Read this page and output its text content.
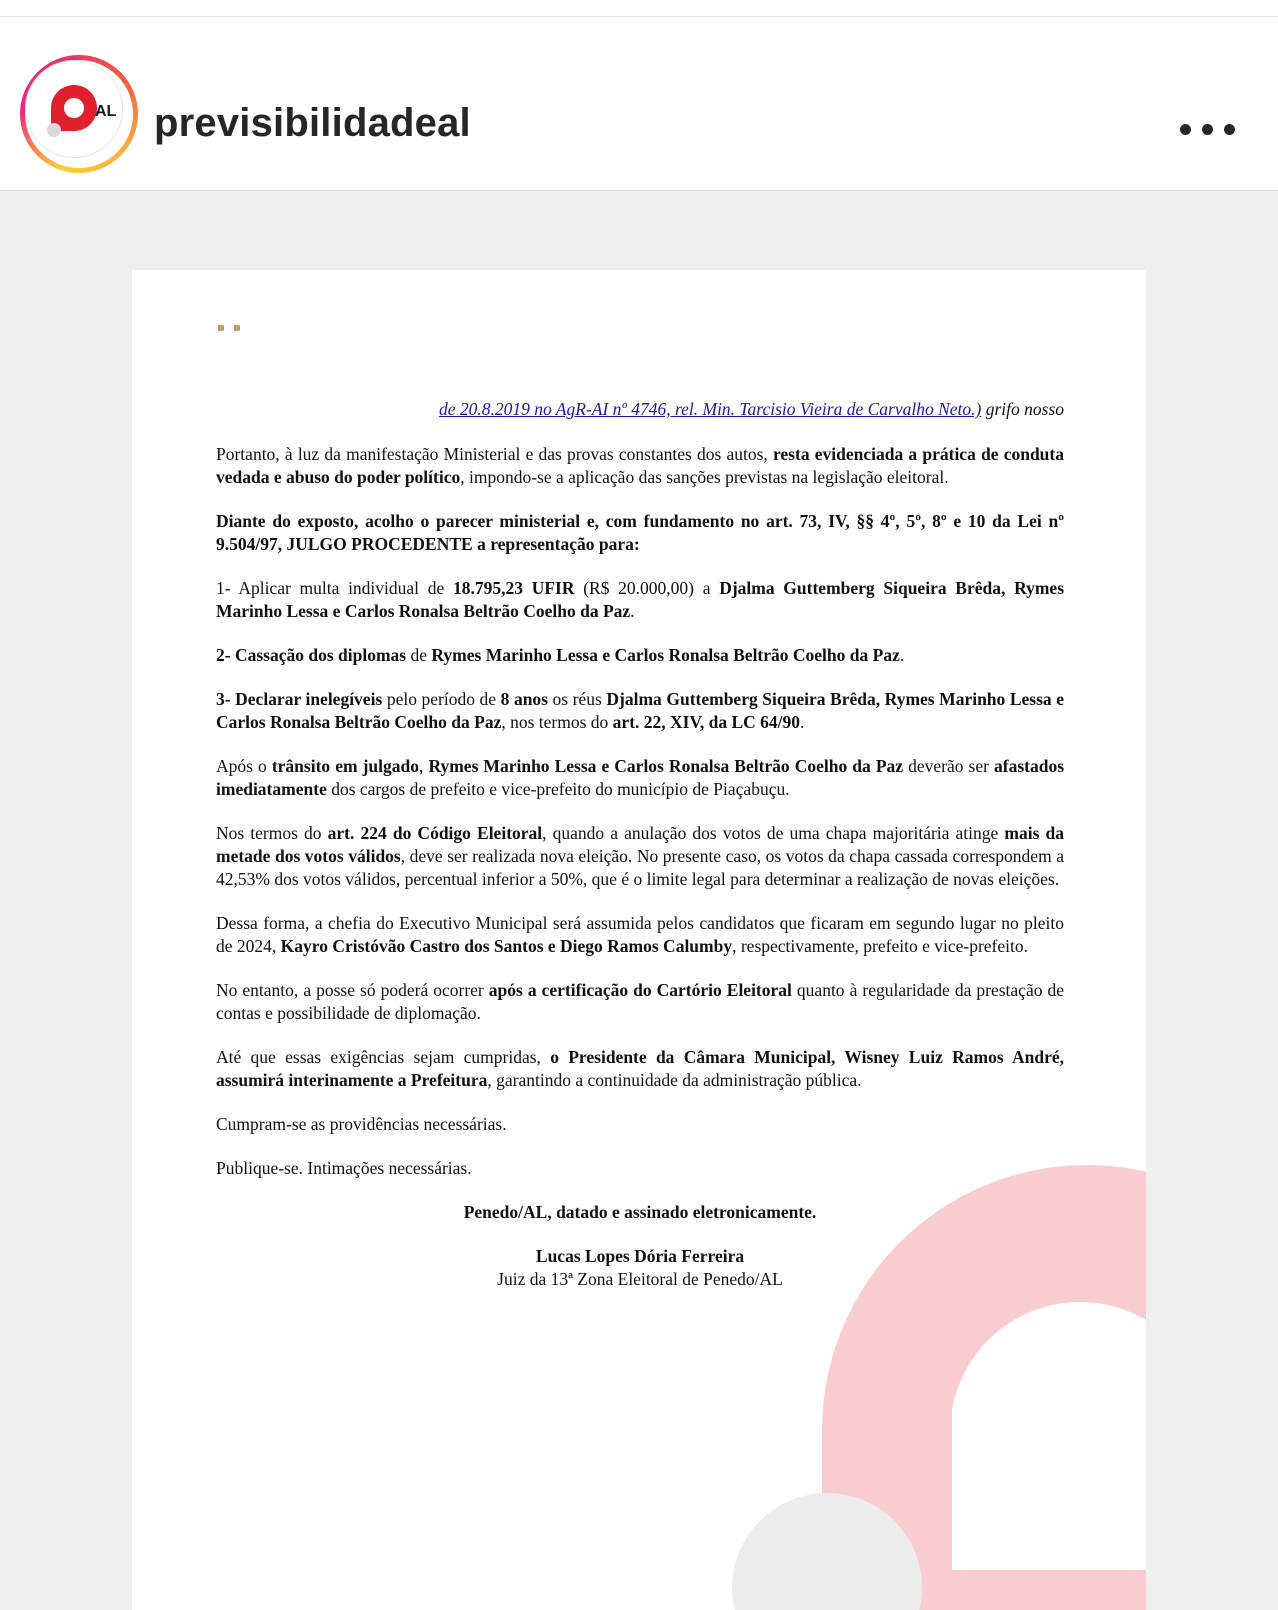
AL previsibilidadeal
▪ ▪

de 20.8.2019 no AgR-AI nº 4746, rel. Min. Tarcisio Vieira de Carvalho Neto.) grifo nosso

Portanto, à luz da manifestação Ministerial e das provas constantes dos autos, resta evidenciada a prática de conduta vedada e abuso do poder político, impondo-se a aplicação das sanções previstas na legislação eleitoral.

Diante do exposto, acolho o parecer ministerial e, com fundamento no art. 73, IV, §§ 4º, 5º, 8º e 10 da Lei nº 9.504/97, JULGO PROCEDENTE a representação para:

1- Aplicar multa individual de 18.795,23 UFIR (R$ 20.000,00) a Djalma Guttemberg Siqueira Brêda, Rymes Marinho Lessa e Carlos Ronalsa Beltrão Coelho da Paz.

2- Cassação dos diplomas de Rymes Marinho Lessa e Carlos Ronalsa Beltrão Coelho da Paz.

3- Declarar inelegíveis pelo período de 8 anos os réus Djalma Guttemberg Siqueira Brêda, Rymes Marinho Lessa e Carlos Ronalsa Beltrão Coelho da Paz, nos termos do art. 22, XIV, da LC 64/90.

Após o trânsito em julgado, Rymes Marinho Lessa e Carlos Ronalsa Beltrão Coelho da Paz deverão ser afastados imediatamente dos cargos de prefeito e vice-prefeito do município de Piaçabuçu.

Nos termos do art. 224 do Código Eleitoral, quando a anulação dos votos de uma chapa majoritária atinge mais da metade dos votos válidos, deve ser realizada nova eleição. No presente caso, os votos da chapa cassada correspondem a 42,53% dos votos válidos, percentual inferior a 50%, que é o limite legal para determinar a realização de novas eleições.

Dessa forma, a chefia do Executivo Municipal será assumida pelos candidatos que ficaram em segundo lugar no pleito de 2024, Kayro Cristóvão Castro dos Santos e Diego Ramos Calumby, respectivamente, prefeito e vice-prefeito.

No entanto, a posse só poderá ocorrer após a certificação do Cartório Eleitoral quanto à regularidade da prestação de contas e possibilidade de diplomação.

Até que essas exigências sejam cumpridas, o Presidente da Câmara Municipal, Wisney Luiz Ramos André, assumirá interinamente a Prefeitura, garantindo a continuidade da administração pública.

Cumpram-se as providências necessárias.

Publique-se. Intimações necessárias.

Penedo/AL, datado e assinado eletronicamente.

Lucas Lopes Dória Ferreira

Juiz da 13ª Zona Eleitoral de Penedo/AL
